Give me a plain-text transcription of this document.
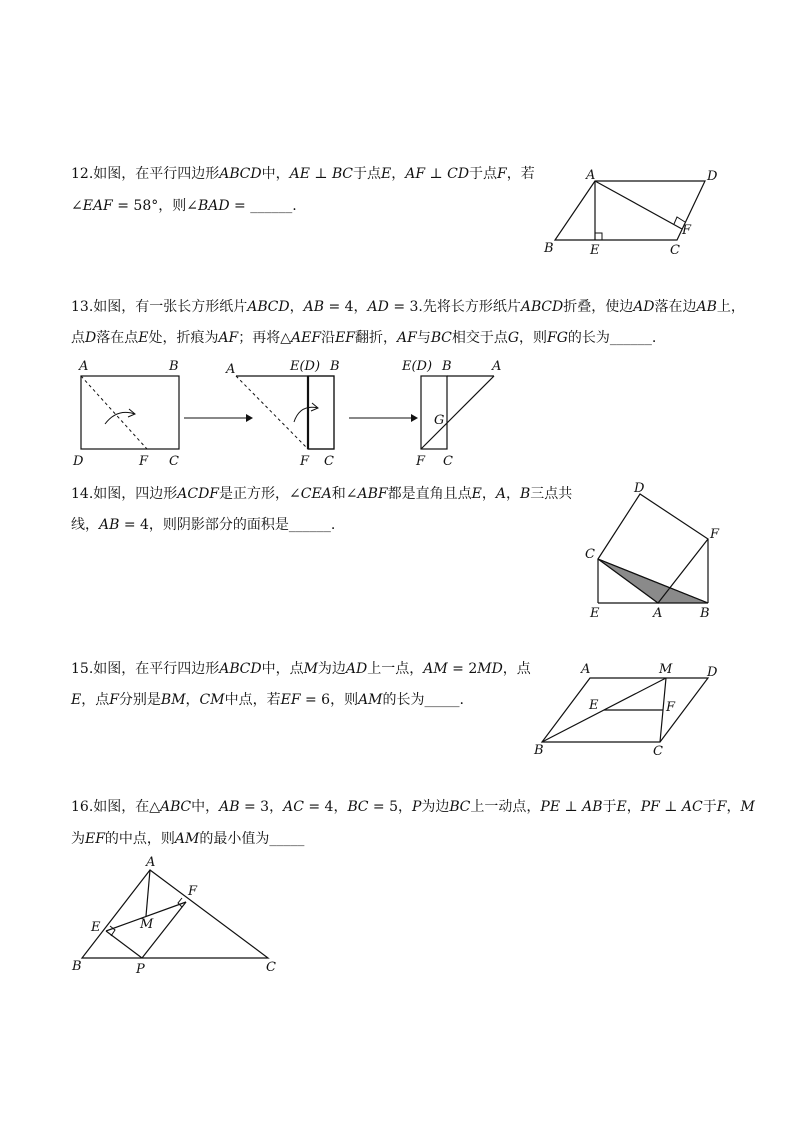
12.如图，在平行四边形𝐴𝐵𝐶𝐷中，𝐴𝐸 ⊥ 𝐵𝐶于点𝐸，𝐴𝐹 ⊥ 𝐶𝐷于点𝐹，若
∠𝐸𝐴𝐹 = 58°，则∠𝐵𝐴𝐷 = ______.
A	D
F
B	E	C
13.如图，有一张长方形纸片𝐴𝐵𝐶𝐷，𝐴𝐵 = 4，𝐴𝐷 = 3.先将长方形纸片𝐴𝐵𝐶𝐷折叠，使边𝐴𝐷落在边𝐴𝐵上，
点𝐷落在点𝐸处，折痕为𝐴𝐹；再将△𝐴𝐸𝐹沿𝐸𝐹翻折，𝐴𝐹与𝐵𝐶相交于点𝐺，则𝐹𝐺的长为______.
A	B
D	F C
A	E(D) B
F C
E(D) B	A
G
F C
14.如图，四边形𝐴𝐶𝐷𝐹是正方形，∠𝐶𝐸𝐴和∠𝐴𝐵𝐹都是直角且点𝐸，𝐴，𝐵三点共
线，𝐴𝐵 = 4，则阴影部分的面积是______.
D
F
C
E	A	B
15.如图，在平行四边形𝐴𝐵𝐶𝐷中，点𝑀为边𝐴𝐷上一点，𝐴𝑀 = 2𝑀𝐷，点
𝐸，点𝐹分别是𝐵𝑀，𝐶𝑀中点，若𝐸𝐹 = 6，则𝐴𝑀的长为_____.
A	M	D
E	F
B	C
16.如图，在△𝐴𝐵𝐶中，𝐴𝐵 = 3，𝐴𝐶 = 4，𝐵𝐶 = 5，𝑃为边𝐵𝐶上一动点，𝑃𝐸 ⊥ 𝐴𝐵于𝐸，𝑃𝐹 ⊥ 𝐴𝐶于𝐹，𝑀
为𝐸𝐹的中点，则𝐴𝑀的最小值为_____
A
F
E	M
B	P	C
